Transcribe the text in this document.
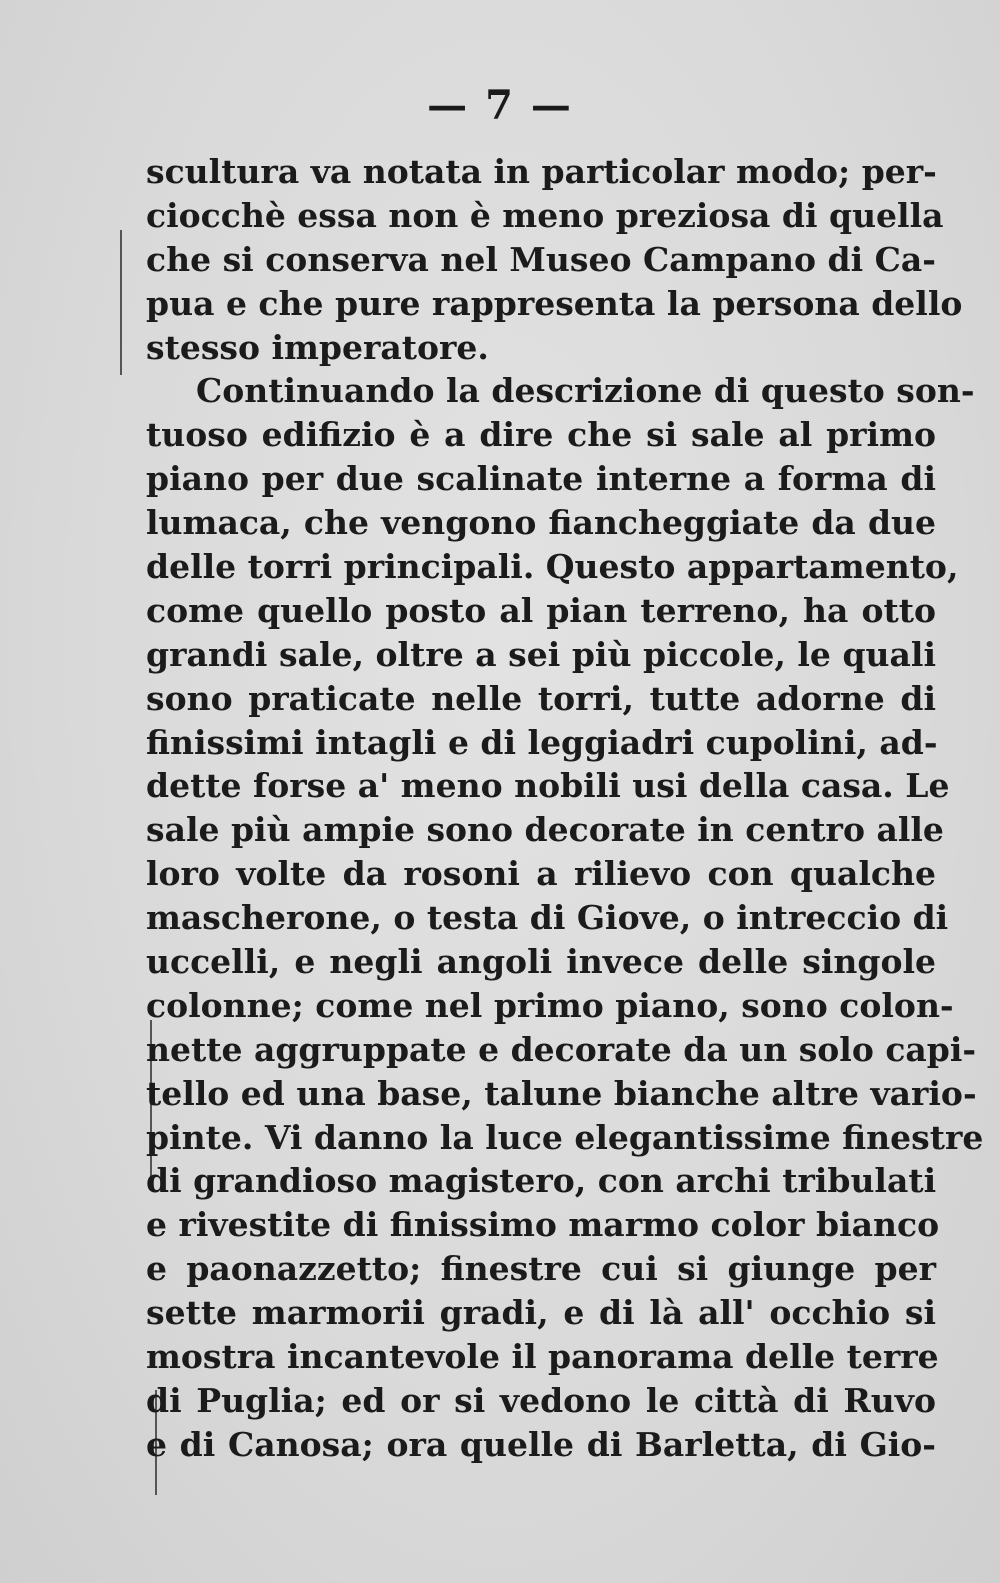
— 7 —
scultura va notata in particolar modo; per-
ciocchè essa non è meno preziosa di quella
che si conserva nel Museo Campano di Ca-
pua e che pure rappresenta la persona dello
stesso imperatore.
Continuando la descrizione di questo son-
tuoso edifizio è a dire che si sale al primo
piano per due scalinate interne a forma di
lumaca, che vengono fiancheggiate da due
delle torri principali. Questo appartamento,
come quello posto al pian terreno, ha otto
grandi sale, oltre a sei più piccole, le quali
sono praticate nelle torri, tutte adorne di
finissimi intagli e di leggiadri cupolini, ad-
dette forse a' meno nobili usi della casa. Le
sale più ampie sono decorate in centro alle
loro volte da rosoni a rilievo con qualche
mascherone, o testa di Giove, o intreccio di
uccelli, e negli angoli invece delle singole
colonne; come nel primo piano, sono colon-
nette aggruppate e decorate da un solo capi-
tello ed una base, talune bianche altre vario-
pinte. Vi danno la luce elegantissime finestre
di grandioso magistero, con archi tribulati
e rivestite di finissimo marmo color bianco
e paonazzetto; finestre cui si giunge per
sette marmorii gradi, e di là all' occhio si
mostra incantevole il panorama delle terre
di Puglia; ed or si vedono le città di Ruvo
e di Canosa; ora quelle di Barletta, di Gio-
